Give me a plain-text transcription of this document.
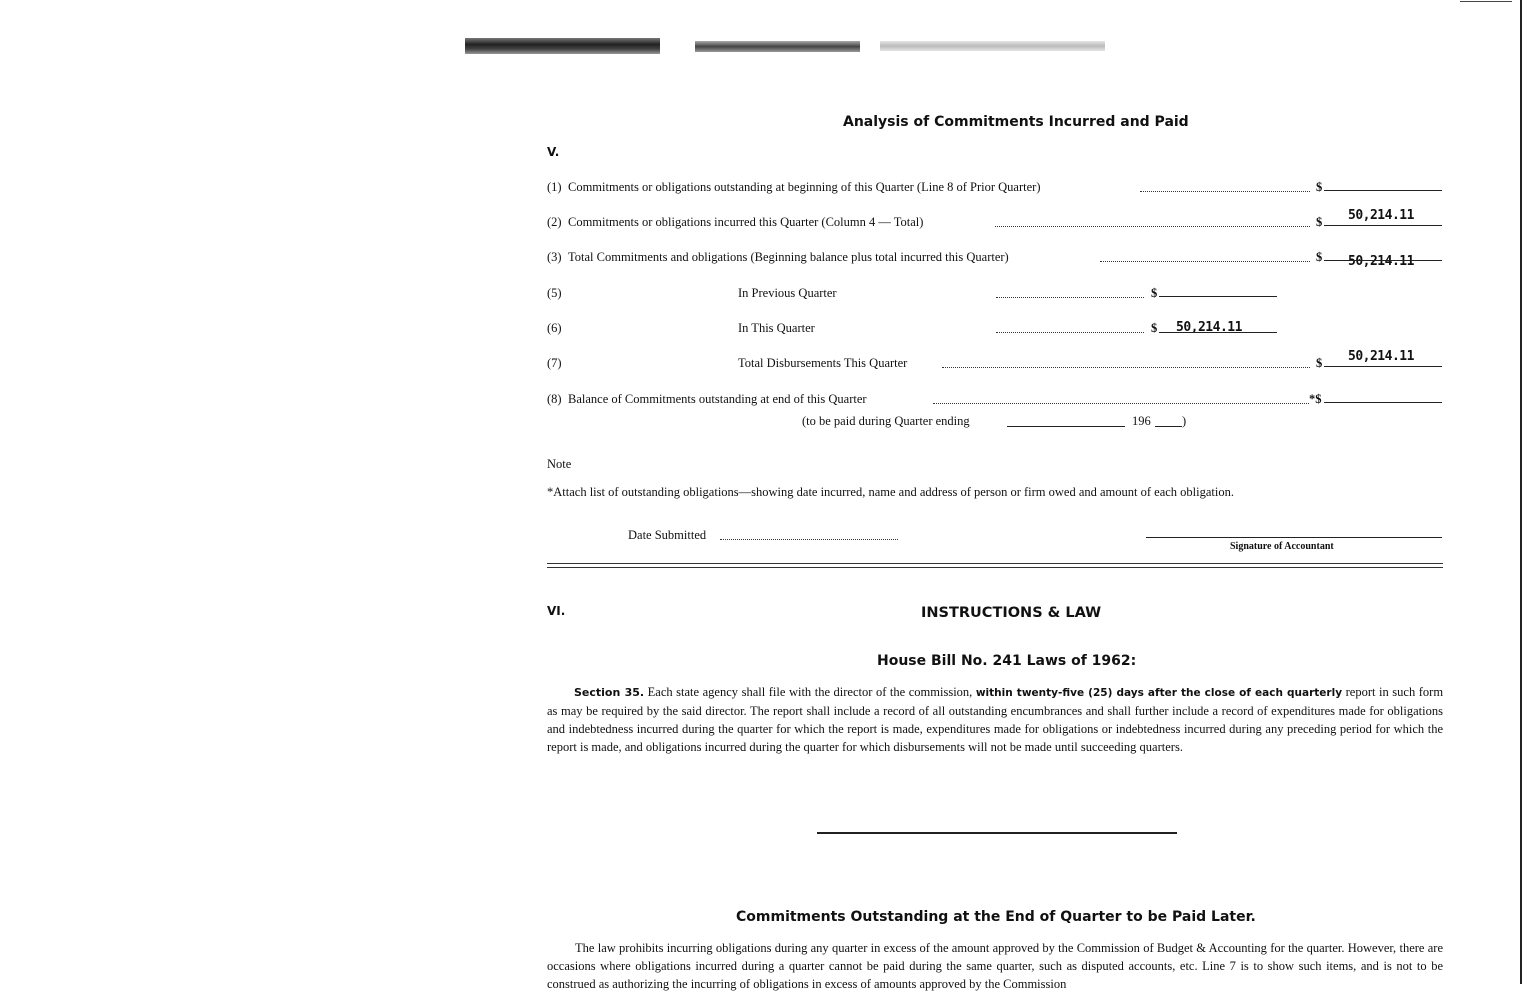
Analysis of Commitments Incurred and Paid
V.
(1) Commitments or obligations outstanding at beginning of this Quarter (Line 8 of Prior Quarter)	$
(2) Commitments or obligations incurred this Quarter (Column 4 — Total)	$ 50,214.11
(3) Total Commitments and obligations (Beginning balance plus total incurred this Quarter)	$ 50,214.11
(5)	In Previous Quarter	$
(6)	In This Quarter	$ 50,214.11
(7)	Total Disbursements This Quarter	$ 50,214.11
(8) Balance of Commitments outstanding at end of this Quarter	*$
(to be paid during Quarter ending	196	)
Note
*Attach list of outstanding obligations—showing date incurred, name and address of person or firm owed and amount of each obligation.
Date Submitted
Signature of Accountant
VI.	INSTRUCTIONS & LAW
House Bill No. 241 Laws of 1962:
Section 35. Each state agency shall file with the director of the commission, within twenty-five (25) days after the close of each quarterly report in such form as may be required by the said director. The report shall include a record of all outstanding encumbrances and shall further include a record of expenditures made for obligations and indebtedness incurred during the quarter for which the report is made, expenditures made for obligations or indebtedness incurred during any preceding period for which the report is made, and obligations incurred during the quarter for which disbursements will not be made until succeeding quarters.
Commitments Outstanding at the End of Quarter to be Paid Later.
The law prohibits incurring obligations during any quarter in excess of the amount approved by the Commission of Budget & Accounting for the quarter. However, there are occasions where obligations incurred during a quarter cannot be paid during the same quarter, such as disputed accounts, etc. Line 7 is to show such items, and is not to be construed as authorizing the incurring of obligations in excess of amounts approved by the Commission
